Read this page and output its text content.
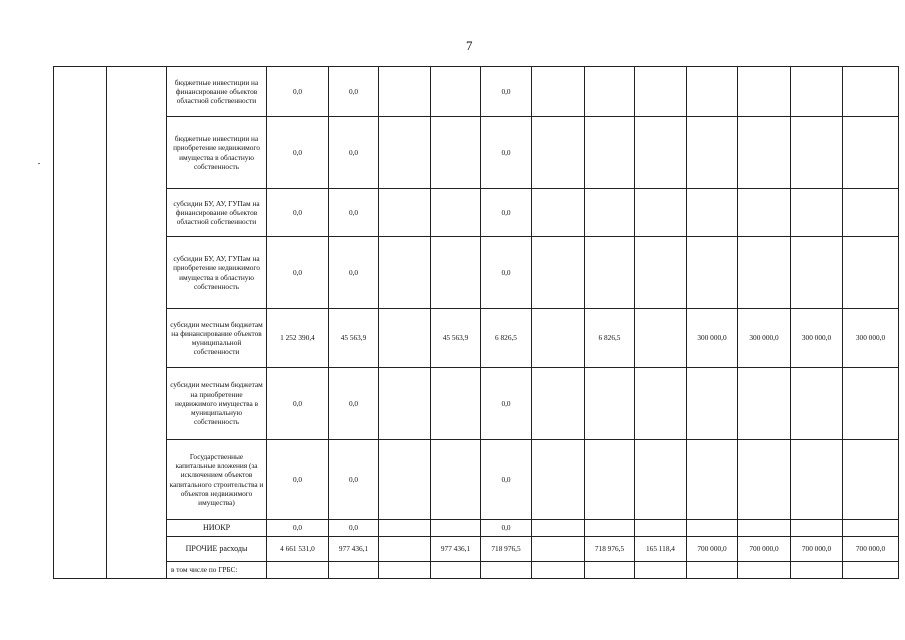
7
		бюджетные инвестиции на финансирование объектов областной собственности	0,0	0,0			0,0							
		бюджетные инвестиции на приобретение недвижимого имущества в областную собственность	0,0	0,0			0,0							
		субсидии БУ, АУ, ГУПам на финансирование объектов областной собственности	0,0	0,0			0,0							
		субсидии БУ, АУ, ГУПам на приобретение недвижимого имущества в областную собственность	0,0	0,0			0,0							
		субсидии местным бюджетам на финансирование объектов муниципальной собственности	1 252 390,4	45 563,9		45 563,9	6 826,5		6 826,5		300 000,0	300 000,0	300 000,0	300 000,0
		субсидии местным бюджетам на приобретение недвижимого имущества в муниципальную собственность	0,0	0,0			0,0							
		Государственные капитальные вложения (за исключением объектов капитального строительства и объектов недвижимого имущества)	0,0	0,0			0,0							
		НИОКР	0,0	0,0			0,0							
		ПРОЧИЕ расходы	4 661 531,0	977 436,1		977 436,1	718 976,5		718 976,5	165 118,4	700 000,0	700 000,0	700 000,0	700 000,0
		в том числе по ГРБС:												
